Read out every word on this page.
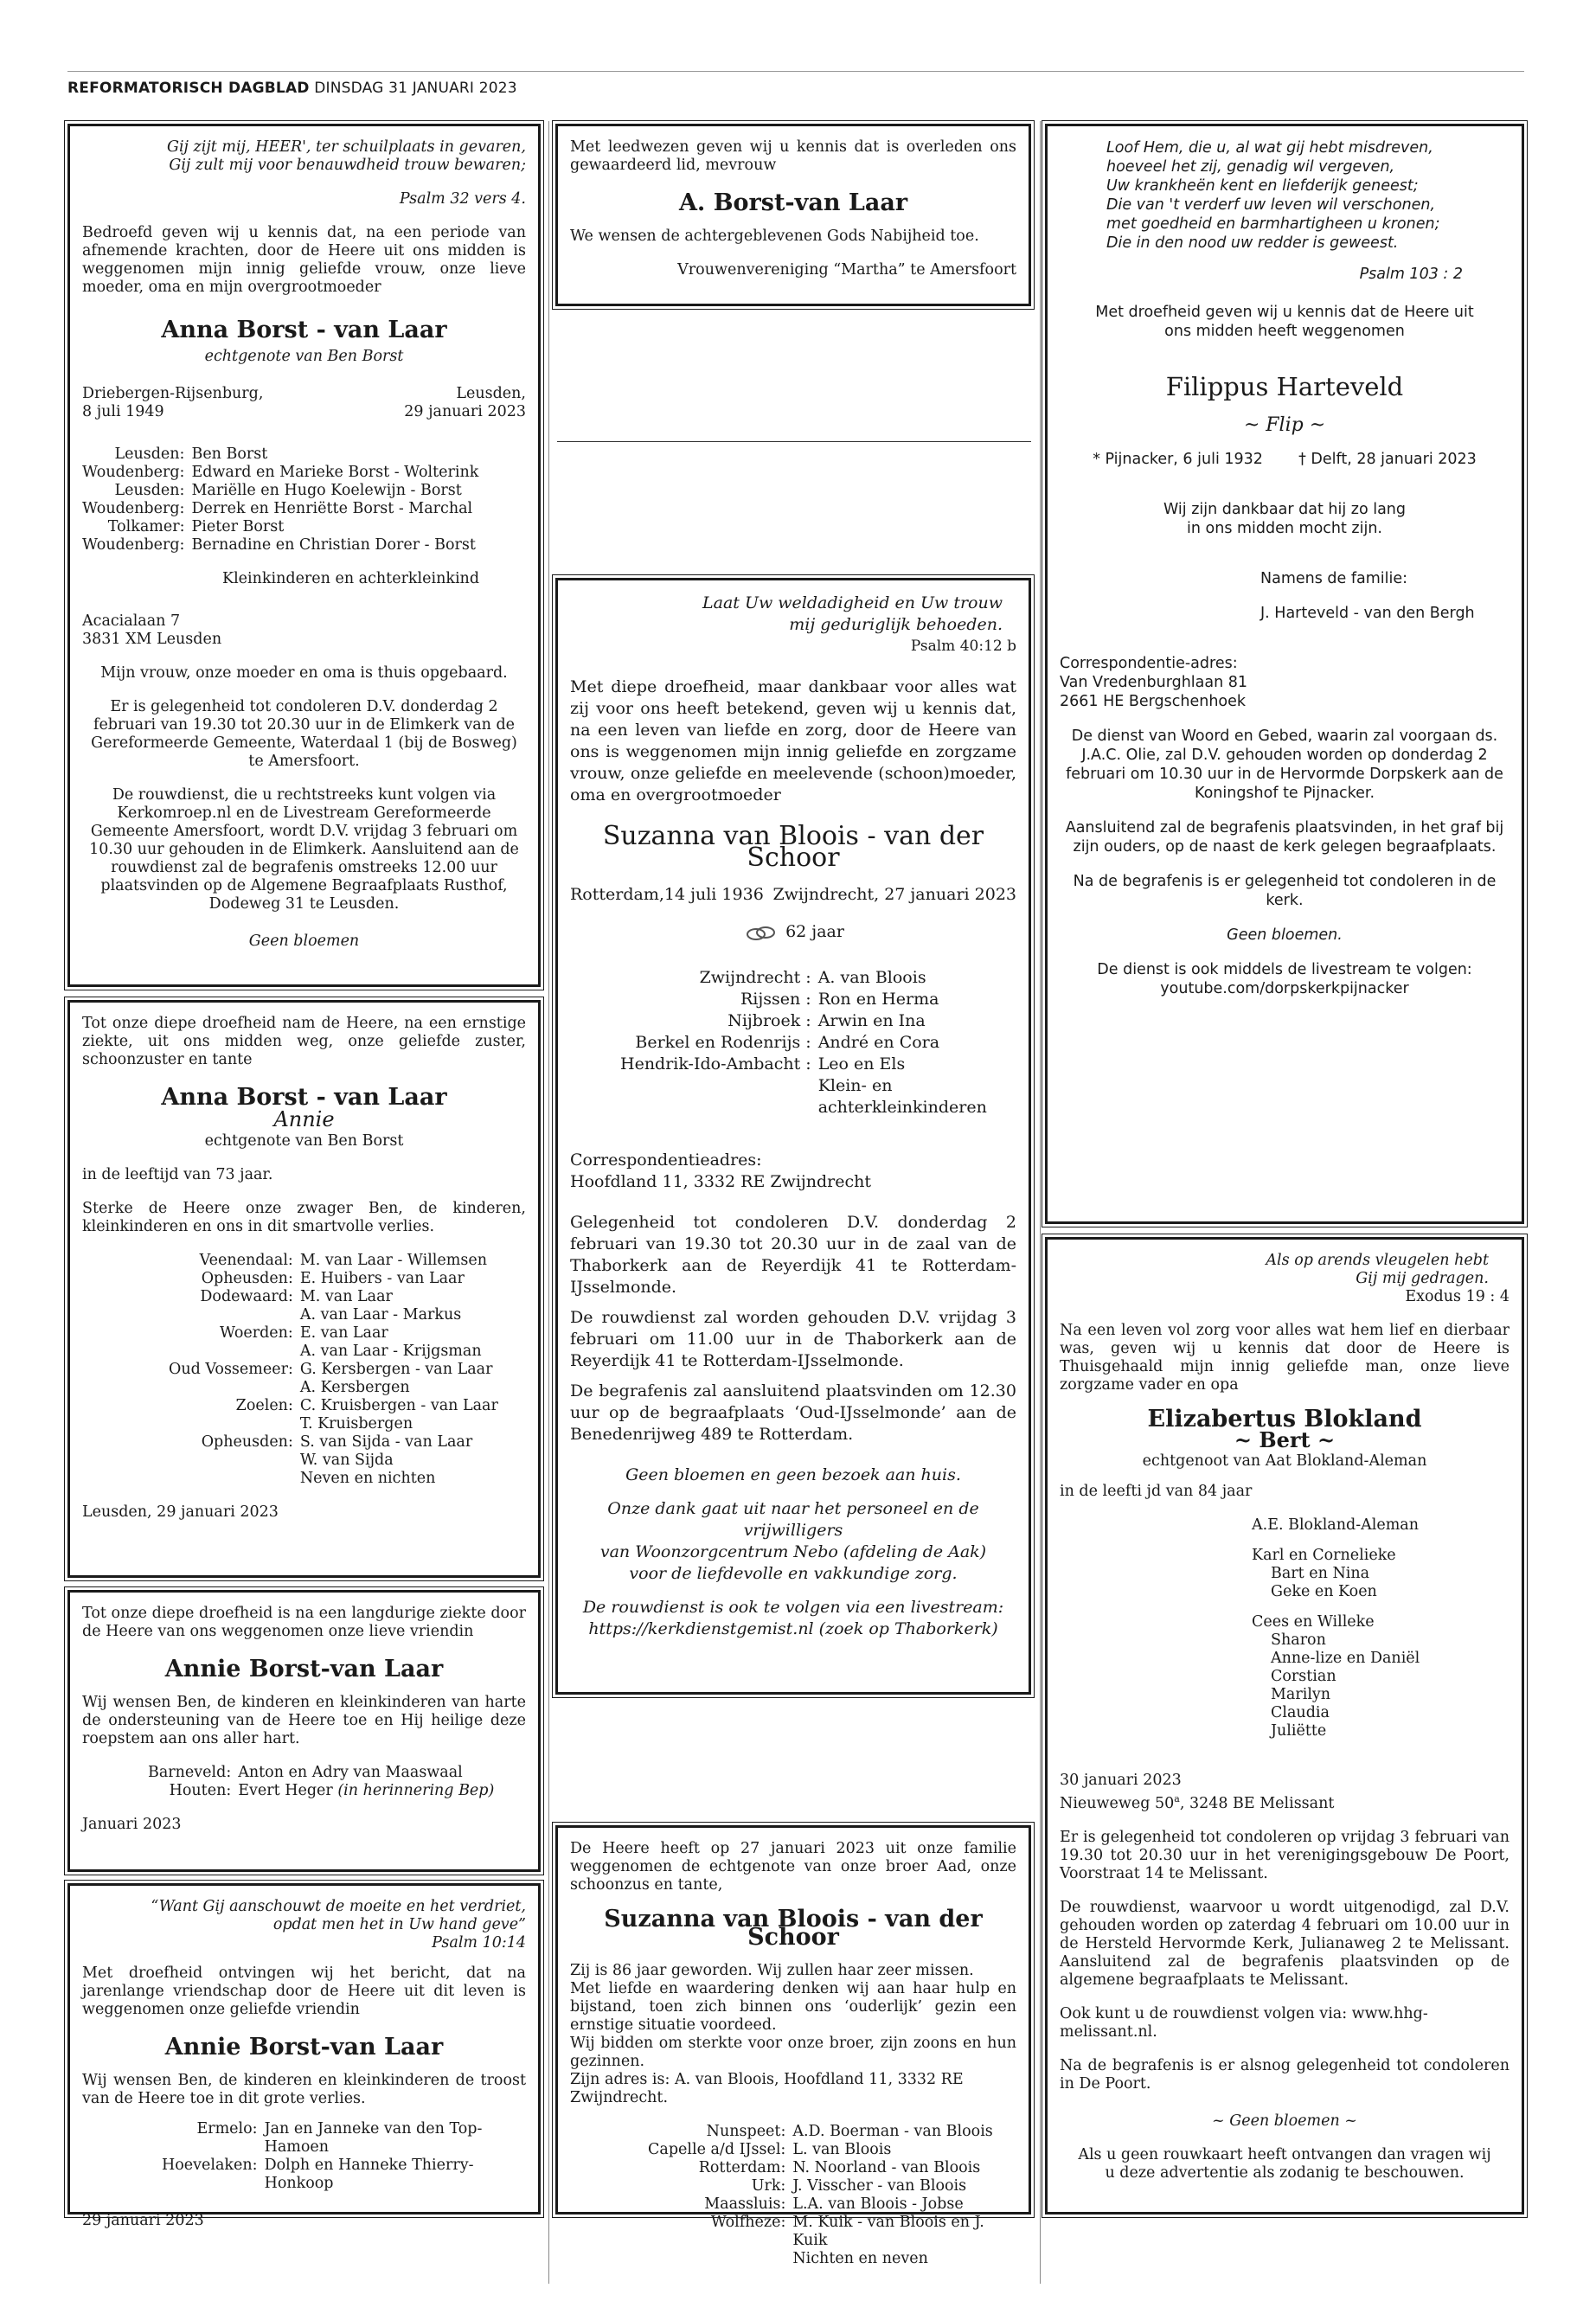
REFORMATORISCH DAGBLAD DINSDAG 31 JANUARI 2023

Gij zijt mij, HEER', ter schuilplaats in gevaren,

Gij zult mij voor benauwdheid trouw bewaren;

Psalm 32 vers 4.

Bedroefd geven wij u kennis dat, na een periode van afnemende krachten, door de Heere uit ons midden is weggenomen mijn innig geliefde vrouw, onze lieve moeder, oma en mijn overgrootmoeder

Anna Borst - van Laar

echtgenote van Ben Borst

Driebergen-Rijsenburg,

8 juli 1949

Leusden,

29 januari 2023

Leusden:	Ben Borst
Woudenberg:	Edward en Marieke Borst - Wolterink
Leusden:	Mariëlle en Hugo Koelewijn - Borst
Woudenberg:	Derrek en Henriëtte Borst - Marchal
Tolkamer:	Pieter Borst
Woudenberg:	Bernadine en Christian Dorer - Borst

Kleinkinderen en achterkleinkind

Acacialaan 7

3831 XM Leusden

Mijn vrouw, onze moeder en oma is thuis opgebaard.

Er is gelegenheid tot condoleren D.V. donderdag 2 februari van 19.30 tot 20.30 uur in de Elimkerk van de Gereformeerde Gemeente, Waterdaal 1 (bij de Bosweg) te Amersfoort.

De rouwdienst, die u rechtstreeks kunt volgen via Kerkomroep.nl en de Livestream Gereformeerde Gemeente Amersfoort, wordt D.V. vrijdag 3 februari om 10.30 uur gehouden in de Elimkerk. Aansluitend aan de rouwdienst zal de begrafenis omstreeks 12.00 uur plaatsvinden op de Algemene Begraafplaats Rusthof, Dodeweg 31 te Leusden.

Geen bloemen

Tot onze diepe droefheid nam de Heere, na een ernstige ziekte, uit ons midden weg, onze geliefde zuster, schoonzuster en tante

Anna Borst - van Laar

Annie

echtgenote van Ben Borst

in de leeftijd van 73 jaar.

Sterke de Heere onze zwager Ben, de kinderen, kleinkinderen en ons in dit smartvolle verlies.

Veenendaal:	M. van Laar - Willemsen
Opheusden:	E. Huibers - van Laar
Dodewaard:	M. van Laar
	A. van Laar - Markus
Woerden:	E. van Laar
	A. van Laar - Krijgsman
Oud Vossemeer:	G. Kersbergen - van Laar
	A. Kersbergen
Zoelen:	C. Kruisbergen - van Laar
	T. Kruisbergen
Opheusden:	S. van Sijda - van Laar
	W. van Sijda
	Neven en nichten

Leusden, 29 januari 2023

Tot onze diepe droefheid is na een langdurige ziekte door de Heere van ons weggenomen onze lieve vriendin

Annie Borst-van Laar

Wij wensen Ben, de kinderen en kleinkinderen van harte de ondersteuning van de Heere toe en Hij heilige deze roepstem aan ons aller hart.

Barneveld:	Anton en Adry van Maaswaal
Houten:	Evert Heger (in herinnering Bep)

Januari 2023

“Want Gij aanschouwt de moeite en het verdriet,

opdat men het in Uw hand geve”

Psalm 10:14

Met droefheid ontvingen wij het bericht, dat na jarenlange vriendschap door de Heere uit dit leven is weggenomen onze geliefde vriendin

Annie Borst-van Laar

Wij wensen Ben, de kinderen en kleinkinderen de troost van de Heere toe in dit grote verlies.

Ermelo:	Jan en Janneke van den Top-Hamoen
Hoevelaken:	Dolph en Hanneke Thierry-Honkoop

29 januari 2023

Met leedwezen geven wij u kennis dat is overleden ons gewaardeerd lid, mevrouw

A. Borst-van Laar

We wensen de achtergeblevenen Gods Nabijheid toe.

Vrouwenvereniging “Martha” te Amersfoort

Laat Uw weldadigheid en Uw trouw

mij geduriglijk behoeden.

Psalm 40:12 b

Met diepe droefheid, maar dankbaar voor alles wat zij voor ons heeft betekend, geven wij u kennis dat, na een leven van liefde en zorg, door de Heere van ons is weggenomen mijn innig geliefde en zorgzame vrouw, onze geliefde en meelevende (schoon)moeder, oma en overgrootmoeder

Suzanna van Bloois - van der Schoor

Rotterdam,14 juli 1936 Zwijndrecht, 27 januari 2023
62 jaar
Zwijndrecht :	A. van Bloois
Rijssen :	Ron en Herma
Nijbroek :	Arwin en Ina
Berkel en Rodenrijs :	André en Cora
Hendrik-Ido-Ambacht :	Leo en Els
	Klein- en achterkleinkinderen

Correspondentieadres:

Hoofdland 11, 3332 RE Zwijndrecht

Gelegenheid tot condoleren D.V. donderdag 2 februari van 19.30 tot 20.30 uur in de zaal van de Thaborkerk aan de Reyerdijk 41 te Rotterdam-IJsselmonde.

De rouwdienst zal worden gehouden D.V. vrijdag 3 februari om 11.00 uur in de Thaborkerk aan de Reyerdijk 41 te Rotterdam-IJsselmonde.

De begrafenis zal aansluitend plaatsvinden om 12.30 uur op de begraafplaats ‘Oud-IJsselmonde’ aan de Benedenrijweg 489 te Rotterdam.

Geen bloemen en geen bezoek aan huis.

Onze dank gaat uit naar het personeel en de vrijwilligers

van Woonzorgcentrum Nebo (afdeling de Aak)

voor de liefdevolle en vakkundige zorg.

De rouwdienst is ook te volgen via een livestream:

https://kerkdienstgemist.nl (zoek op Thaborkerk)

De Heere heeft op 27 januari 2023 uit onze familie weggenomen de echtgenote van onze broer Aad, onze schoonzus en tante,

Suzanna van Bloois - van der Schoor

Zij is 86 jaar geworden. Wij zullen haar zeer missen.

Met liefde en waardering denken wij aan haar hulp en bijstand, toen zich binnen ons ‘ouderlijk’ gezin een ernstige situatie voordeed.

Wij bidden om sterkte voor onze broer, zijn zoons en hun gezinnen.

Zijn adres is: A. van Bloois, Hoofdland 11, 3332 RE Zwijndrecht.

Nunspeet:	A.D. Boerman - van Bloois
Capelle a/d IJssel:	L. van Bloois
Rotterdam:	N. Noorland - van Bloois
Urk:	J. Visscher - van Bloois
Maassluis:	L.A. van Bloois - Jobse
Wolfheze:	M. Kuik - van Bloois en J. Kuik
	Nichten en neven

Loof Hem, die u, al wat gij hebt misdreven,

hoeveel het zij, genadig wil vergeven,

Uw krankheën kent en liefderijk geneest;

Die van 't verderf uw leven wil verschonen,

met goedheid en barmhartigheen u kronen;

Die in den nood uw redder is geweest.

Psalm 103 : 2

Met droefheid geven wij u kennis dat de Heere uit

ons midden heeft weggenomen

Filippus Harteveld

~ Flip ~

* Pijnacker, 6 juli 1932 † Delft, 28 januari 2023

Wij zijn dankbaar dat hij zo lang

in ons midden mocht zijn.

Namens de familie:

J. Harteveld - van den Bergh

Correspondentie-adres:

Van Vredenburghlaan 81

2661 HE Bergschenhoek

De dienst van Woord en Gebed, waarin zal voorgaan ds. J.A.C. Olie, zal D.V. gehouden worden op donderdag 2 februari om 10.30 uur in de Hervormde Dorpskerk aan de Koningshof te Pijnacker.

Aansluitend zal de begrafenis plaatsvinden, in het graf bij zijn ouders, op de naast de kerk gelegen begraafplaats.

Na de begrafenis is er gelegenheid tot condoleren in de kerk.

Geen bloemen.

De dienst is ook middels de livestream te volgen:

youtube.com/dorpskerkpijnacker

Als op arends vleugelen hebt

Gij mij gedragen.

Exodus 19 : 4

Na een leven vol zorg voor alles wat hem lief en dierbaar was, geven wij u kennis dat door de Heere is Thuisgehaald mijn innig geliefde man, onze lieve zorgzame vader en opa

Elizabertus Blokland

~ Bert ~

echtgenoot van Aat Blokland-Aleman

in de leefti jd van 84 jaar

A.E. Blokland-Aleman

Karl en Cornelieke

Bart en Nina

Geke en Koen

Cees en Willeke

Sharon

Anne-lize en Daniël

Corstian

Marilyn

Claudia

Juliëtte

30 januari 2023

Nieuweweg 50$^a$, 3248 BE Melissant

Er is gelegenheid tot condoleren op vrijdag 3 februari van 19.30 tot 20.30 uur in het verenigingsgebouw De Poort, Voorstraat 14 te Melissant.

De rouwdienst, waarvoor u wordt uitgenodigd, zal D.V. gehouden worden op zaterdag 4 februari om 10.00 uur in de Hersteld Hervormde Kerk, Julianaweg 2 te Melissant. Aansluitend zal de begrafenis plaatsvinden op de algemene begraafplaats te Melissant.

Ook kunt u de rouwdienst volgen via: www.hhg-melissant.nl.

Na de begrafenis is er alsnog gelegenheid tot condoleren in De Poort.

~ Geen bloemen ~

Als u geen rouwkaart heeft ontvangen dan vragen wij

u deze advertentie als zodanig te beschouwen.
